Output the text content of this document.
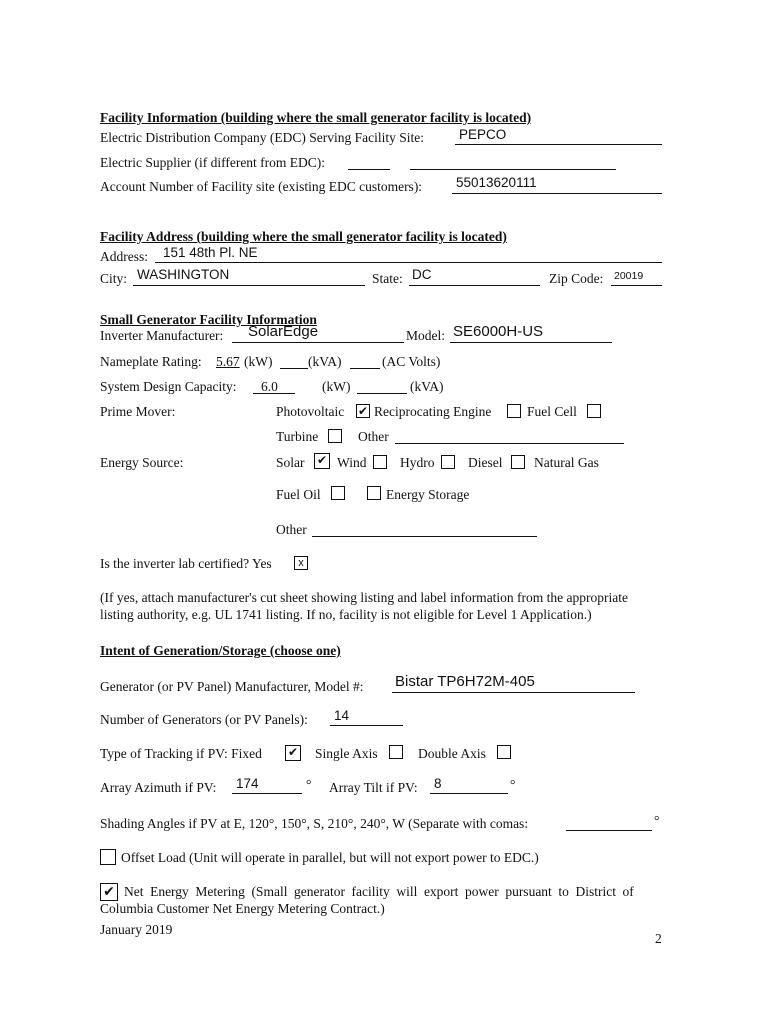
Facility Information (building where the small generator facility is located)
Electric Distribution Company (EDC) Serving Facility Site:	PEPCO
Electric Supplier (if different from EDC):
Account Number of Facility site (existing EDC customers):	55013620111
Facility Address (building where the small generator facility is located)
Address: 151 48th Pl. NE
City: WASHINGTON	State: DC	Zip Code: 20019
Small Generator Facility Information
Inverter Manufacturer: SolarEdge	Model: SE6000H-US
Nameplate Rating: 5.67 (kW)	(kVA)	(AC Volts)
System Design Capacity: 6.0	(kW)	(kVA)
Prime Mover:	Photovoltaic ✔ Reciprocating Engine	Fuel Cell
Turbine	Other
Energy Source:	Solar ✔ Wind Hydro Diesel Natural Gas
Fuel Oil	Energy Storage
Other
Is the inverter lab certified? Yes	x
(If yes, attach manufacturer's cut sheet showing listing and label information from the appropriate
listing authority, e.g. UL 1741 listing. If no, facility is not eligible for Level 1 Application.)
Intent of Generation/Storage (choose one)
Generator (or PV Panel) Manufacturer, Model #: Bistar TP6H72M-405
Number of Generators (or PV Panels): 14
Type of Tracking if PV: Fixed ✔ Single Axis	Double Axis
Array Azimuth if PV: 174	° Array Tilt if PV: 8	°
Shading Angles if PV at E, 120°, 150°, S, 210°, 240°, W (Separate with comas:	°
Offset Load (Unit will operate in parallel, but will not export power to EDC.)
✔ Net Energy Metering (Small generator facility will export power pursuant to District of
Columbia Customer Net Energy Metering Contract.)
January 2019
2
